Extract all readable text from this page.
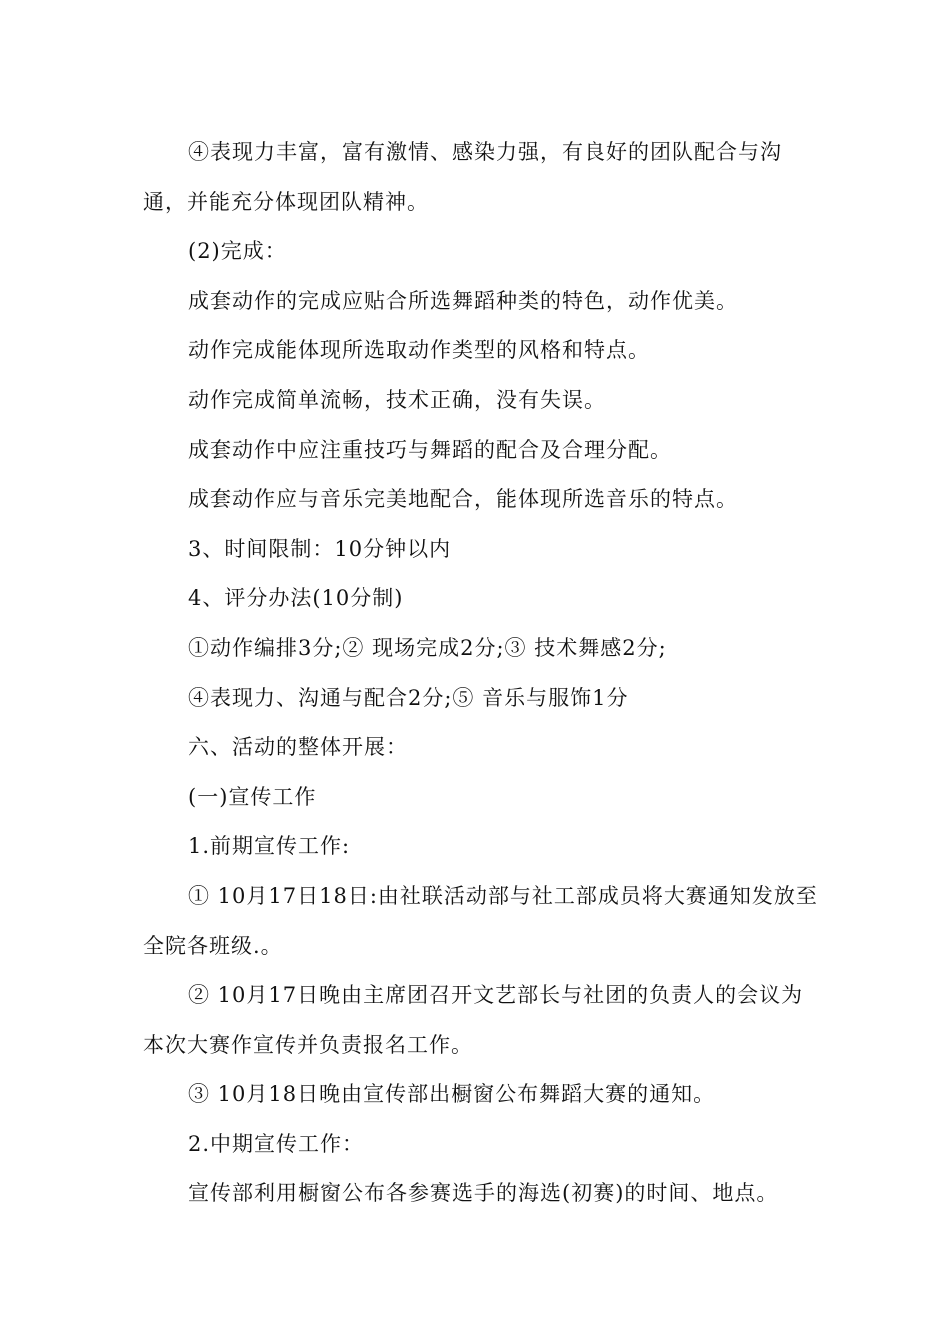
④表现力丰富，富有激情、感染力强，有良好的团队配合与沟通，并能充分体现团队精神。

(2)完成：

成套动作的完成应贴合所选舞蹈种类的特色，动作优美。

动作完成能体现所选取动作类型的风格和特点。

动作完成简单流畅，技术正确，没有失误。

成套动作中应注重技巧与舞蹈的配合及合理分配。

成套动作应与音乐完美地配合，能体现所选音乐的特点。

3、时间限制：10分钟以内

4、评分办法(10分制)

①动作编排3分;② 现场完成2分;③ 技术舞感2分;

④表现力、沟通与配合2分;⑤ 音乐与服饰1分

六、活动的整体开展：

(一)宣传工作

1.前期宣传工作:

① 10月17日18日:由社联活动部与社工部成员将大赛通知发放至全院各班级.。

② 10月17日晚由主席团召开文艺部长与社团的负责人的会议为本次大赛作宣传并负责报名工作。

③ 10月18日晚由宣传部出橱窗公布舞蹈大赛的通知。

2.中期宣传工作：

宣传部利用橱窗公布各参赛选手的海选(初赛)的时间、地点。
